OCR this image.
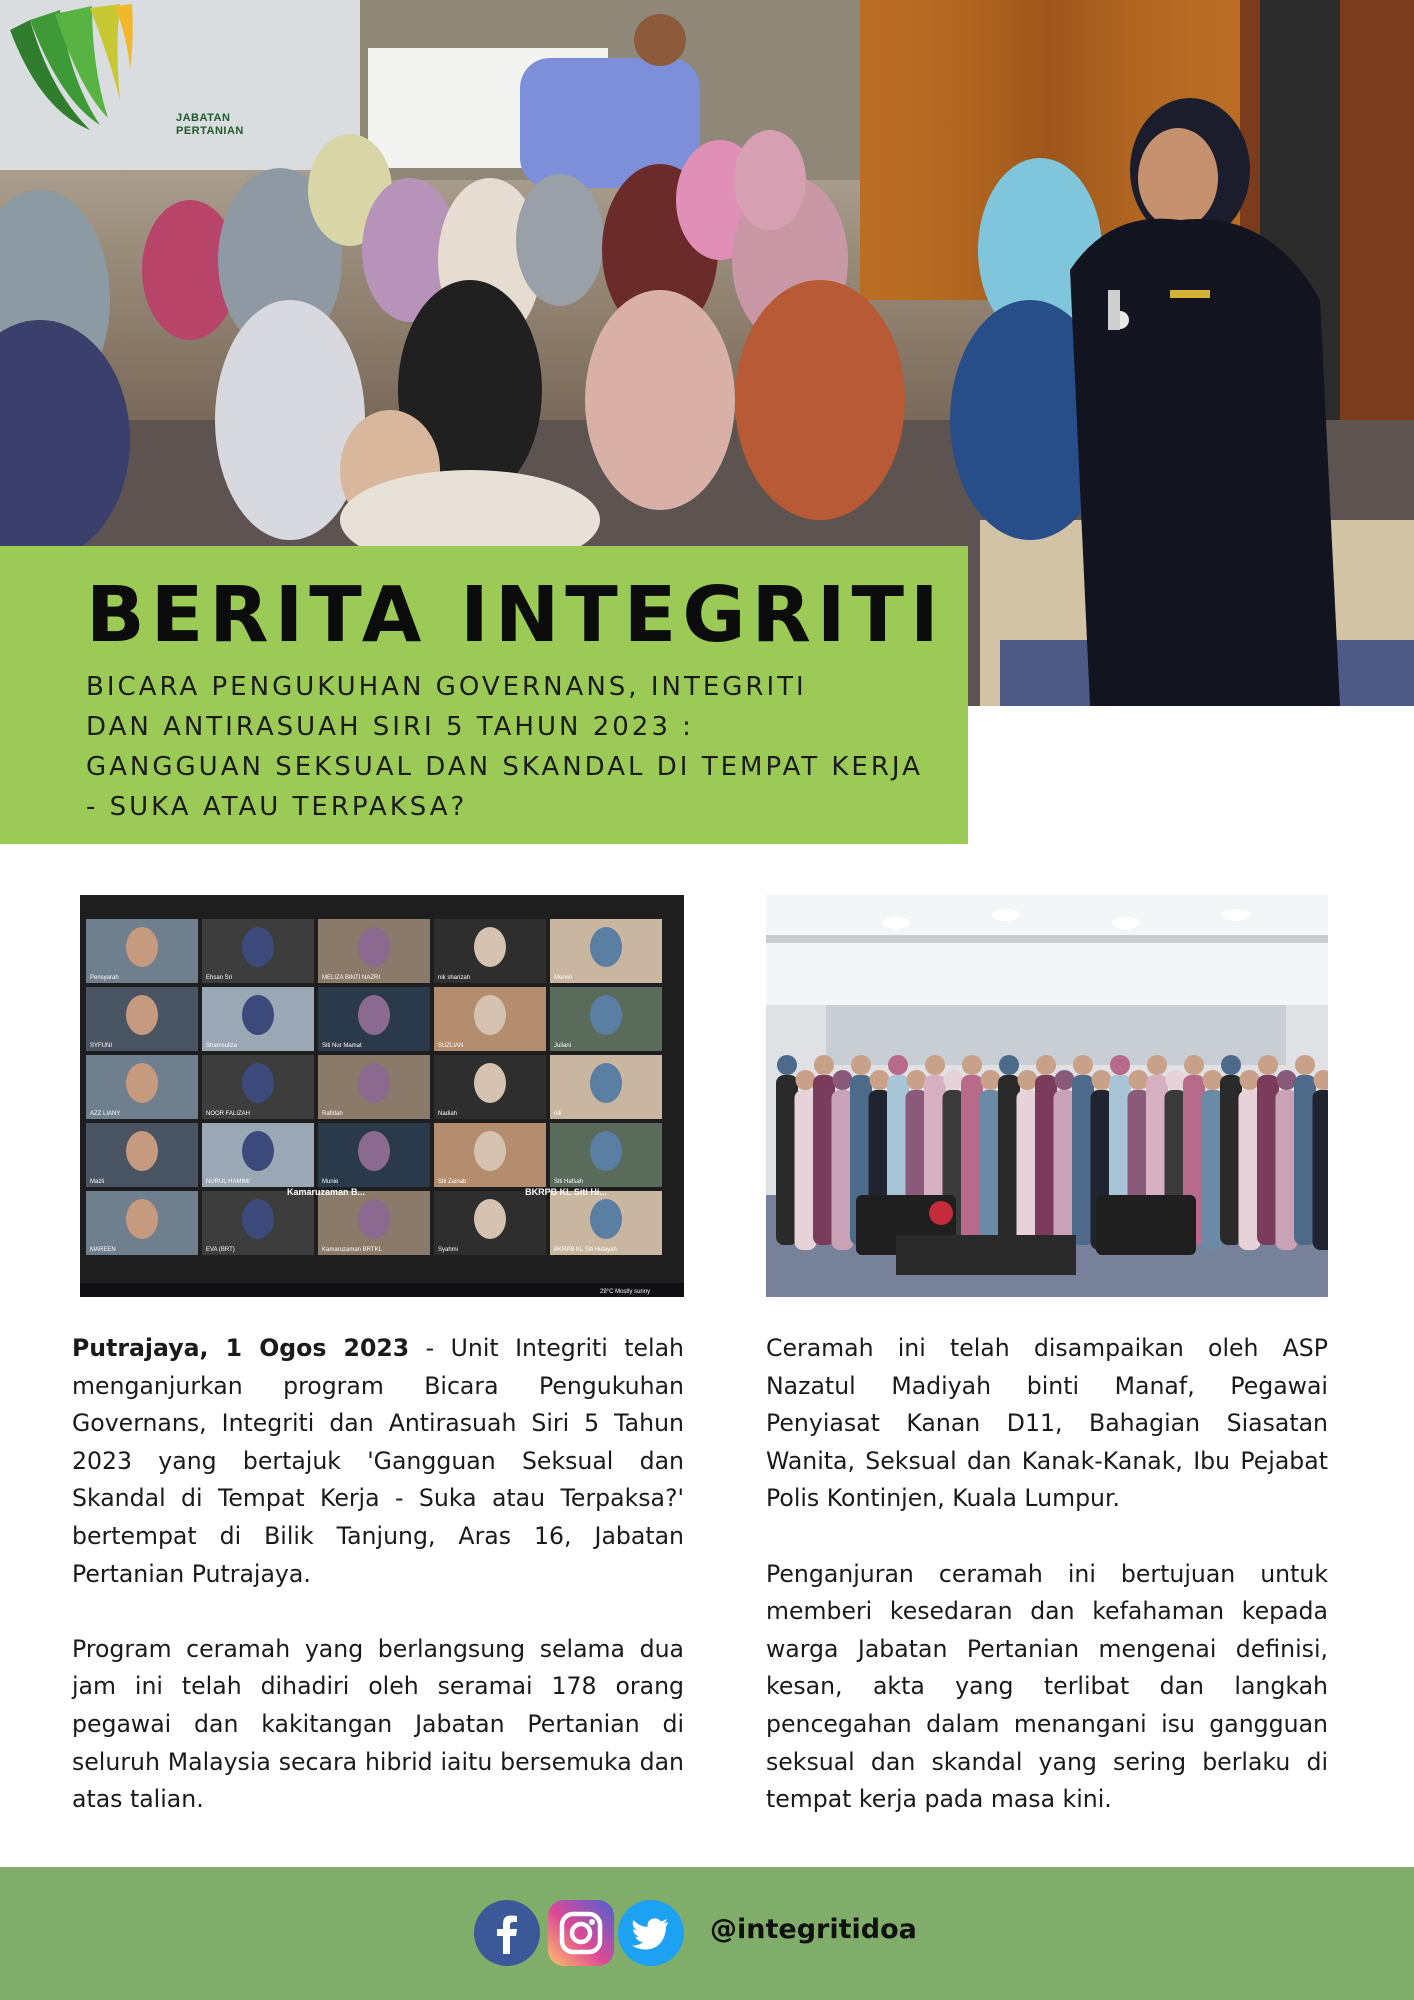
JABATAN
PERTANIAN
BERITA INTEGRITI
BICARA PENGUKUHAN GOVERNANS, INTEGRITI
DAN ANTIRASUAH SIRI 5 TAHUN 2023 :
GANGGUAN SEKSUAL DAN SKANDAL DI TEMPAT KERJA
- SUKA ATAU TERPAKSA?
Pensyarah	Ehsan Sri	MELIZA BINTI NAZRI	nik sharizah	Mervin
SYFUNI	Shamsuliza	Siti Nur Mamat	SUZLIAN	Juliani
AZZ LIANY	NOOR FALIZAH	Rafidah	Nadiah	nik
Mazli	NURUL HAMIMI	Munie	Siti Zainab	Siti Hafsah
MAREEN	EVA (BRT)	Kamaruzaman BRTKL	Syahmi	BKRPB KL Siti Hidayah
Kamaruzaman B...	BKRPB KL Siti Hi...
29°C Mostly sunny

Putrajaya, 1 Ogos 2023 - Unit Integriti telah menganjurkan program Bicara Pengukuhan Governans, Integriti dan Antirasuah Siri 5 Tahun 2023 yang bertajuk 'Gangguan Seksual dan Skandal di Tempat Kerja - Suka atau Terpaksa?' bertempat di Bilik Tanjung, Aras 16, Jabatan Pertanian Putrajaya.

Program ceramah yang berlangsung selama dua jam ini telah dihadiri oleh seramai 178 orang pegawai dan kakitangan Jabatan Pertanian di seluruh Malaysia secara hibrid iaitu bersemuka dan atas talian.

Ceramah ini telah disampaikan oleh ASP Nazatul Madiyah binti Manaf, Pegawai Penyiasat Kanan D11, Bahagian Siasatan Wanita, Seksual dan Kanak-Kanak, Ibu Pejabat Polis Kontinjen, Kuala Lumpur.

Penganjuran ceramah ini bertujuan untuk memberi kesedaran dan kefahaman kepada warga Jabatan Pertanian mengenai definisi, kesan, akta yang terlibat dan langkah pencegahan dalam menangani isu gangguan seksual dan skandal yang sering berlaku di tempat kerja pada masa kini.

@integritidoa
